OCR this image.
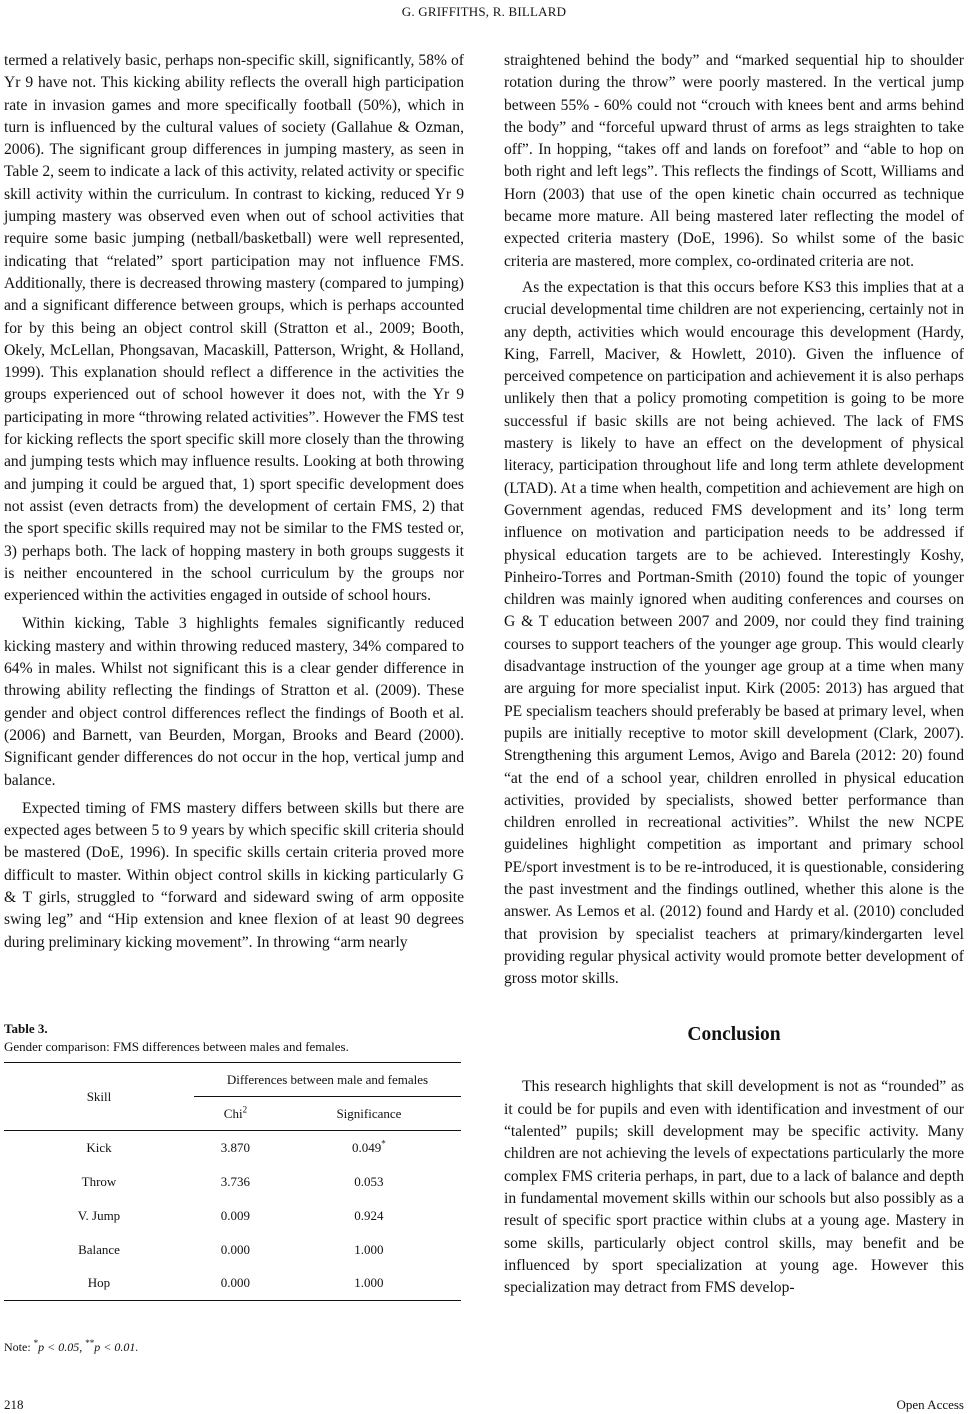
G. GRIFFITHS, R. BILLARD

termed a relatively basic, perhaps non-specific skill, significantly, 58% of Yr 9 have not. This kicking ability reflects the overall high participation rate in invasion games and more specifically football (50%), which in turn is influenced by the cultural values of society (Gallahue & Ozman, 2006). The significant group differences in jumping mastery, as seen in Table 2, seem to indicate a lack of this activity, related activity or specific skill activity within the curriculum. In contrast to kicking, reduced Yr 9 jumping mastery was observed even when out of school activities that require some basic jumping (netball/basketball) were well represented, indicating that “related” sport participation may not influence FMS. Additionally, there is decreased throwing mastery (compared to jumping) and a significant difference between groups, which is perhaps accounted for by this being an object control skill (Stratton et al., 2009; Booth, Okely, McLellan, Phongsavan, Macaskill, Patterson, Wright, & Holland, 1999). This explanation should reflect a difference in the activities the groups experienced out of school however it does not, with the Yr 9 participating in more “throwing related activities”. However the FMS test for kicking reflects the sport specific skill more closely than the throwing and jumping tests which may influence results. Looking at both throwing and jumping it could be argued that, 1) sport specific development does not assist (even detracts from) the development of certain FMS, 2) that the sport specific skills required may not be similar to the FMS tested or, 3) perhaps both. The lack of hopping mastery in both groups suggests it is neither encountered in the school curriculum by the groups nor experienced within the activities engaged in outside of school hours.

Within kicking, Table 3 highlights females significantly reduced kicking mastery and within throwing reduced mastery, 34% compared to 64% in males. Whilst not significant this is a clear gender difference in throwing ability reflecting the findings of Stratton et al. (2009). These gender and object control differences reflect the findings of Booth et al. (2006) and Barnett, van Beurden, Morgan, Brooks and Beard (2000). Significant gender differences do not occur in the hop, vertical jump and balance.

Expected timing of FMS mastery differs between skills but there are expected ages between 5 to 9 years by which specific skill criteria should be mastered (DoE, 1996). In specific skills certain criteria proved more difficult to master. Within object control skills in kicking particularly G & T girls, struggled to “forward and sideward swing of arm opposite swing leg” and “Hip extension and knee flexion of at least 90 degrees during preliminary kicking movement”. In throwing “arm nearly

Table 3.
Gender comparison: FMS differences between males and females.
Skill	Differences between male and females	
	Chi$^2$	Significance
Kick	3.870	0.049*
Throw	3.736	0.053
V. Jump	0.009	0.924
Balance	0.000	1.000
Hop	0.000	1.000
Note: *p < 0.05, **p < 0.01.

straightened behind the body” and “marked sequential hip to shoulder rotation during the throw” were poorly mastered. In the vertical jump between 55% - 60% could not “crouch with knees bent and arms behind the body” and “forceful upward thrust of arms as legs straighten to take off”. In hopping, “takes off and lands on forefoot” and “able to hop on both right and left legs”. This reflects the findings of Scott, Williams and Horn (2003) that use of the open kinetic chain occurred as technique became more mature. All being mastered later reflecting the model of expected criteria mastery (DoE, 1996). So whilst some of the basic criteria are mastered, more complex, co-ordinated criteria are not.

As the expectation is that this occurs before KS3 this implies that at a crucial developmental time children are not experiencing, certainly not in any depth, activities which would encourage this development (Hardy, King, Farrell, Maciver, & Howlett, 2010). Given the influence of perceived competence on participation and achievement it is also perhaps unlikely then that a policy promoting competition is going to be more successful if basic skills are not being achieved. The lack of FMS mastery is likely to have an effect on the development of physical literacy, participation throughout life and long term athlete development (LTAD). At a time when health, competition and achievement are high on Government agendas, reduced FMS development and its’ long term influence on motivation and participation needs to be addressed if physical education targets are to be achieved. Interestingly Koshy, Pinheiro-Torres and Portman-Smith (2010) found the topic of younger children was mainly ignored when auditing conferences and courses on G & T education between 2007 and 2009, nor could they find training courses to support teachers of the younger age group. This would clearly disadvantage instruction of the younger age group at a time when many are arguing for more specialist input. Kirk (2005: 2013) has argued that PE specialism teachers should preferably be based at primary level, when pupils are initially receptive to motor skill development (Clark, 2007). Strengthening this argument Lemos, Avigo and Barela (2012: 20) found “at the end of a school year, children enrolled in physical education activities, provided by specialists, showed better performance than children enrolled in recreational activities”. Whilst the new NCPE guidelines highlight competition as important and primary school PE/sport investment is to be re-introduced, it is questionable, considering the past investment and the findings outlined, whether this alone is the answer. As Lemos et al. (2012) found and Hardy et al. (2010) concluded that provision by specialist teachers at primary/kindergarten level providing regular physical activity would promote better development of gross motor skills.

Conclusion

This research highlights that skill development is not as “rounded” as it could be for pupils and even with identification and investment of our “talented” pupils; skill development may be specific activity. Many children are not achieving the levels of expectations particularly the more complex FMS criteria perhaps, in part, due to a lack of balance and depth in fundamental movement skills within our schools but also possibly as a result of specific sport practice within clubs at a young age. Mastery in some skills, particularly object control skills, may benefit and be influenced by sport specialization at young age. However this specialization may detract from FMS develop-

218	Open Access
